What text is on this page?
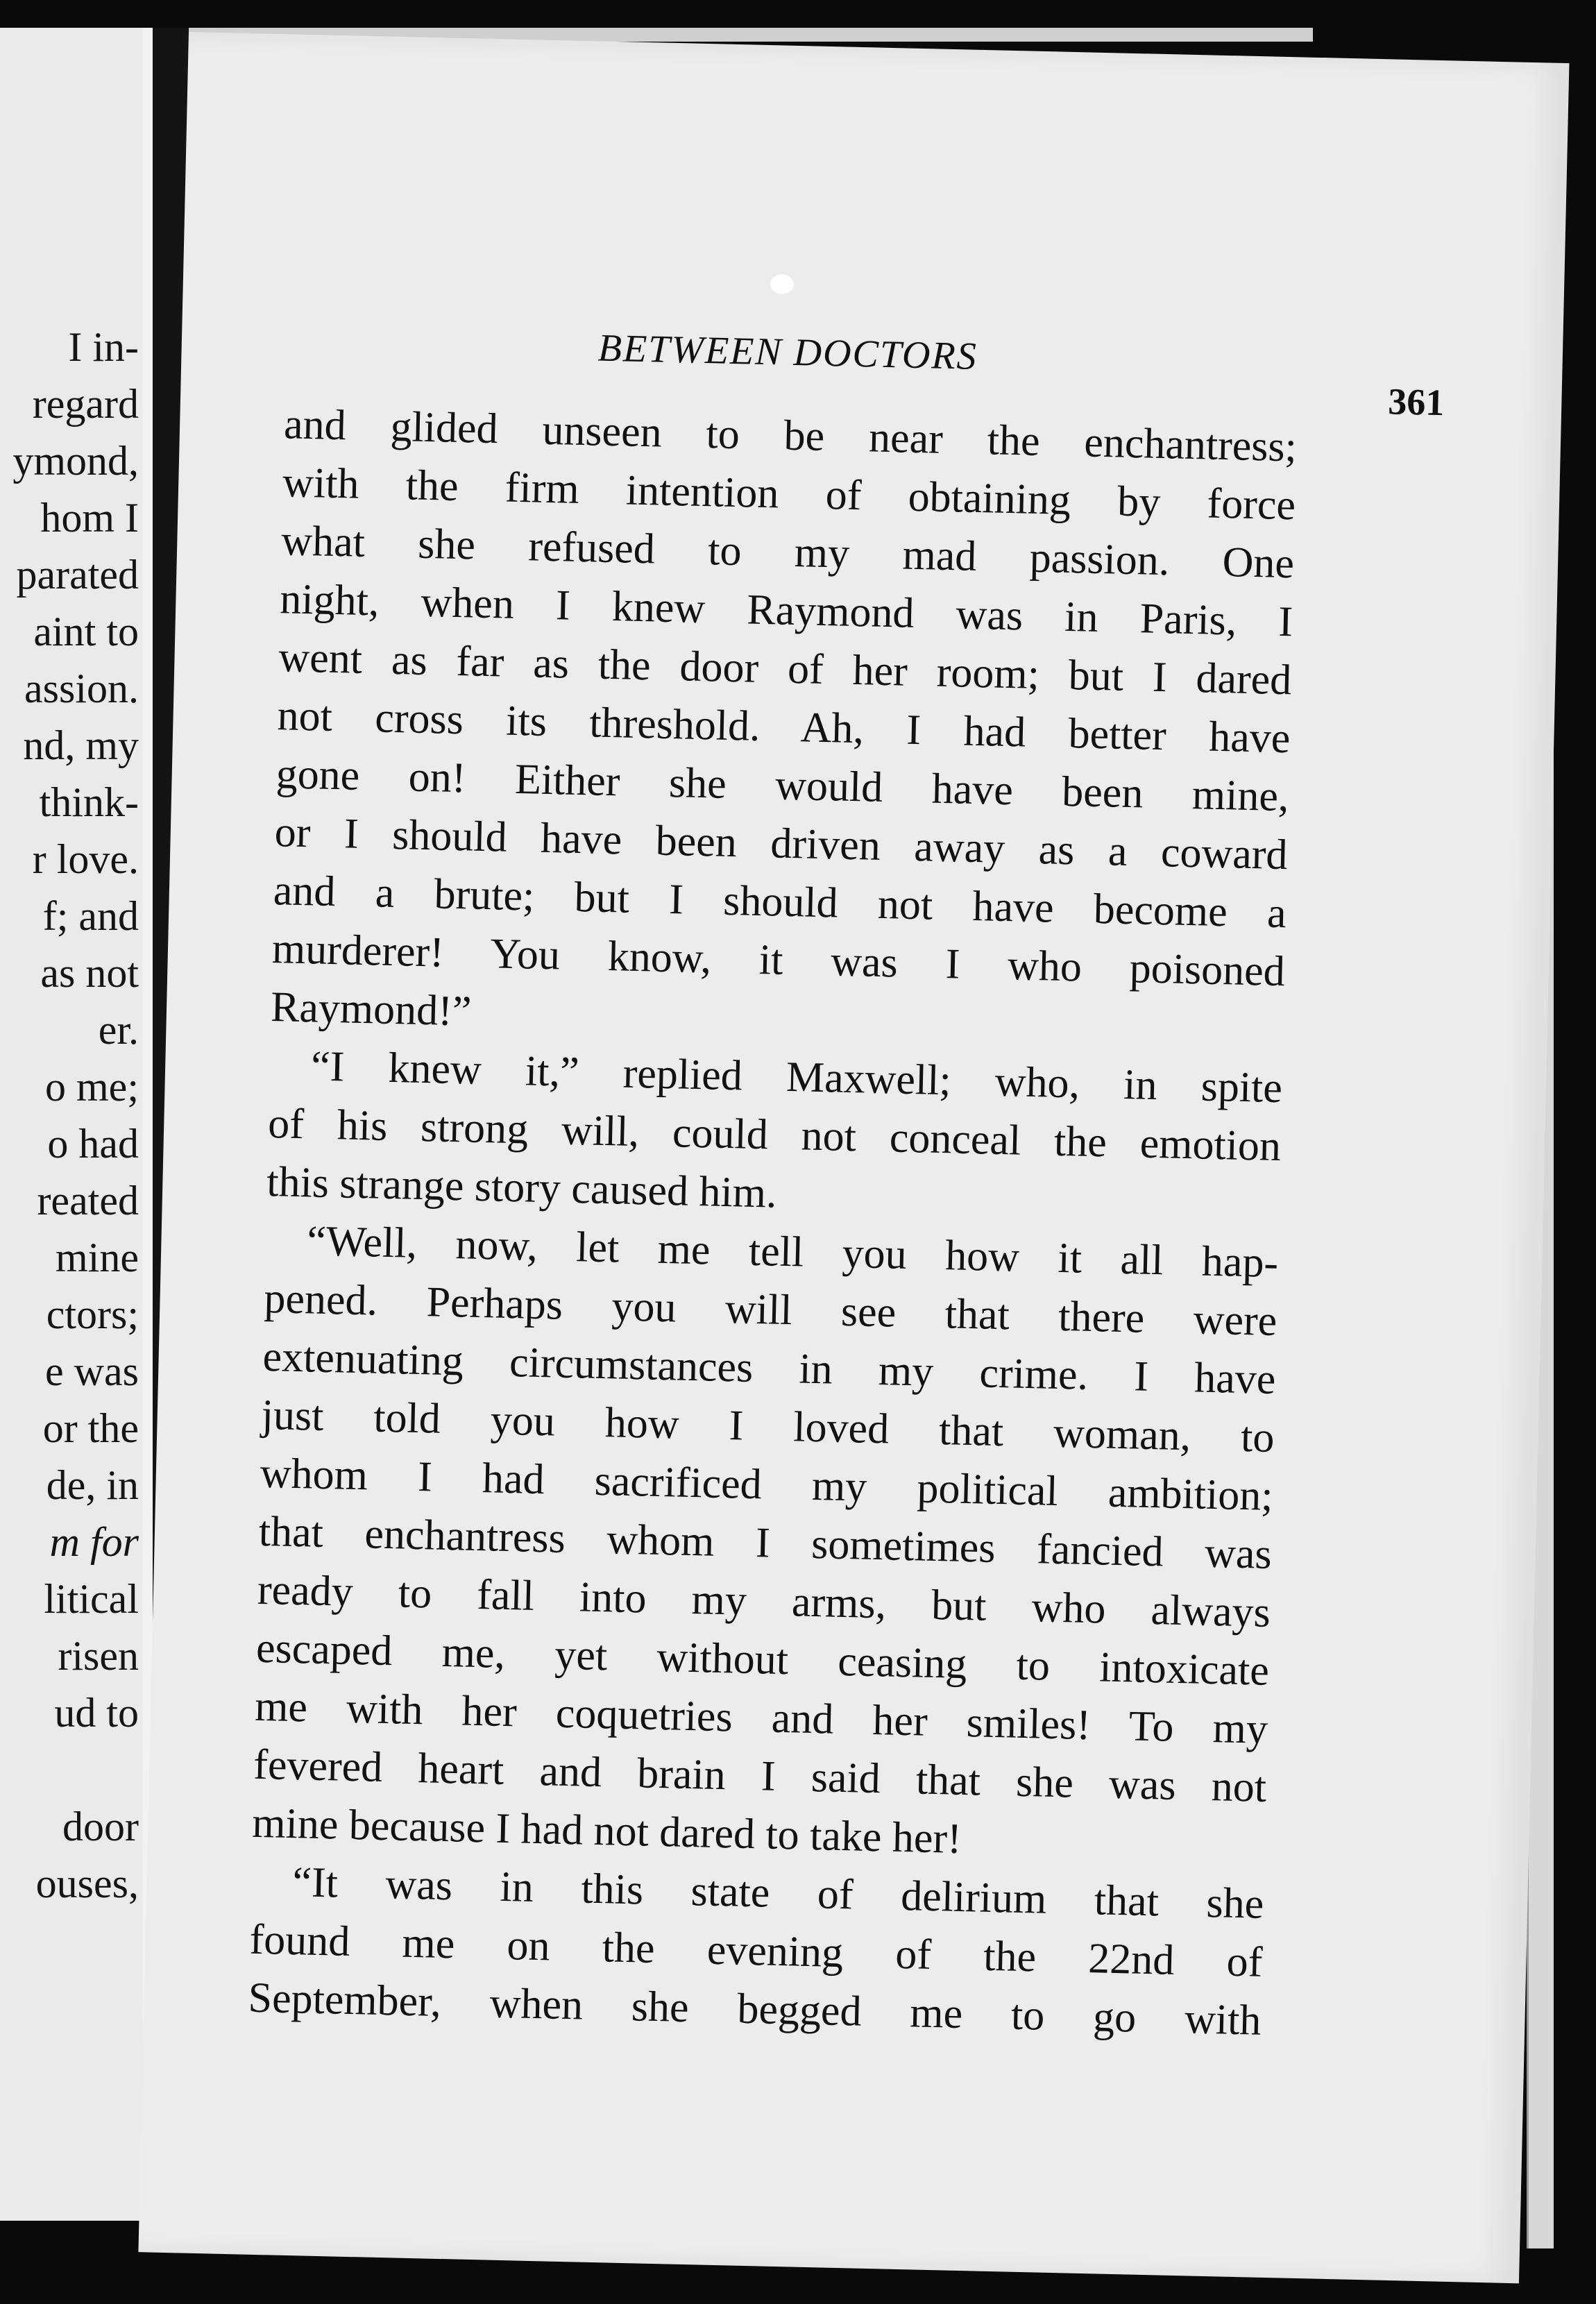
I in-
regard
ymond,
hom I
parated
aint to
assion.
nd, my
think-
r love.
f; and
as not
er.
o me;
o had
reated
mine
ctors;
e was
or the
de, in
m for
litical
risen
ud to
door
ouses,
BETWEEN DOCTORS
361
and glided unseen to be near the enchantress;
with the firm intention of obtaining by force
what she refused to my mad passion. One
night, when I knew Raymond was in Paris, I
went as far as the door of her room; but I dared
not cross its threshold. Ah, I had better have
gone on! Either she would have been mine,
or I should have been driven away as a coward
and a brute; but I should not have become a
murderer! You know, it was I who poisoned
Raymond!”
“I knew it,” replied Maxwell; who, in spite
of his strong will, could not conceal the emotion
this strange story caused him.
“Well, now, let me tell you how it all hap-
pened. Perhaps you will see that there were
extenuating circumstances in my crime. I have
just told you how I loved that woman, to
whom I had sacrificed my political ambition;
that enchantress whom I sometimes fancied was
ready to fall into my arms, but who always
escaped me, yet without ceasing to intoxicate
me with her coquetries and her smiles! To my
fevered heart and brain I said that she was not
mine because I had not dared to take her!
“It was in this state of delirium that she
found me on the evening of the 22nd of
September, when she begged me to go with
